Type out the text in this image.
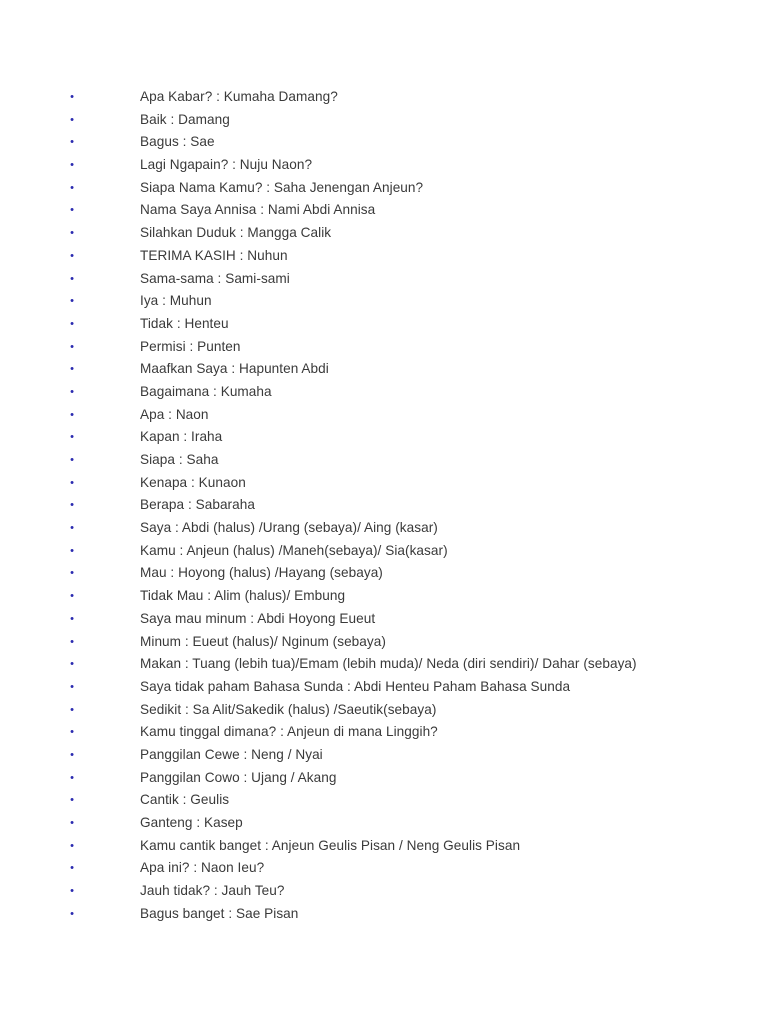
•	Apa Kabar? : Kumaha Damang?
•	Baik : Damang
•	Bagus : Sae
•	Lagi Ngapain? : Nuju Naon?
•	Siapa Nama Kamu? : Saha Jenengan Anjeun?
•	Nama Saya Annisa : Nami Abdi Annisa
•	Silahkan Duduk : Mangga Calik
•	TERIMA KASIH : Nuhun
•	Sama-sama : Sami-sami
•	Iya : Muhun
•	Tidak : Henteu
•	Permisi : Punten
•	Maafkan Saya : Hapunten Abdi
•	Bagaimana : Kumaha
•	Apa : Naon
•	Kapan : Iraha
•	Siapa : Saha
•	Kenapa : Kunaon
•	Berapa : Sabaraha
•	Saya : Abdi (halus) /Urang (sebaya)/ Aing (kasar)
•	Kamu : Anjeun (halus) /Maneh(sebaya)/ Sia(kasar)
•	Mau : Hoyong (halus) /Hayang (sebaya)
•	Tidak Mau : Alim (halus)/ Embung
•	Saya mau minum : Abdi Hoyong Eueut
•	Minum : Eueut (halus)/ Nginum (sebaya)
•	Makan : Tuang (lebih tua)/Emam (lebih muda)/ Neda (diri sendiri)/ Dahar (sebaya)
•	Saya tidak paham Bahasa Sunda : Abdi Henteu Paham Bahasa Sunda
•	Sedikit : Sa Alit/Sakedik (halus) /Saeutik(sebaya)
•	Kamu tinggal dimana? : Anjeun di mana Linggih?
•	Panggilan Cewe : Neng / Nyai
•	Panggilan Cowo : Ujang / Akang
•	Cantik : Geulis
•	Ganteng : Kasep
•	Kamu cantik banget : Anjeun Geulis Pisan / Neng Geulis Pisan
•	Apa ini? : Naon Ieu?
•	Jauh tidak? : Jauh Teu?
•	Bagus banget : Sae Pisan
